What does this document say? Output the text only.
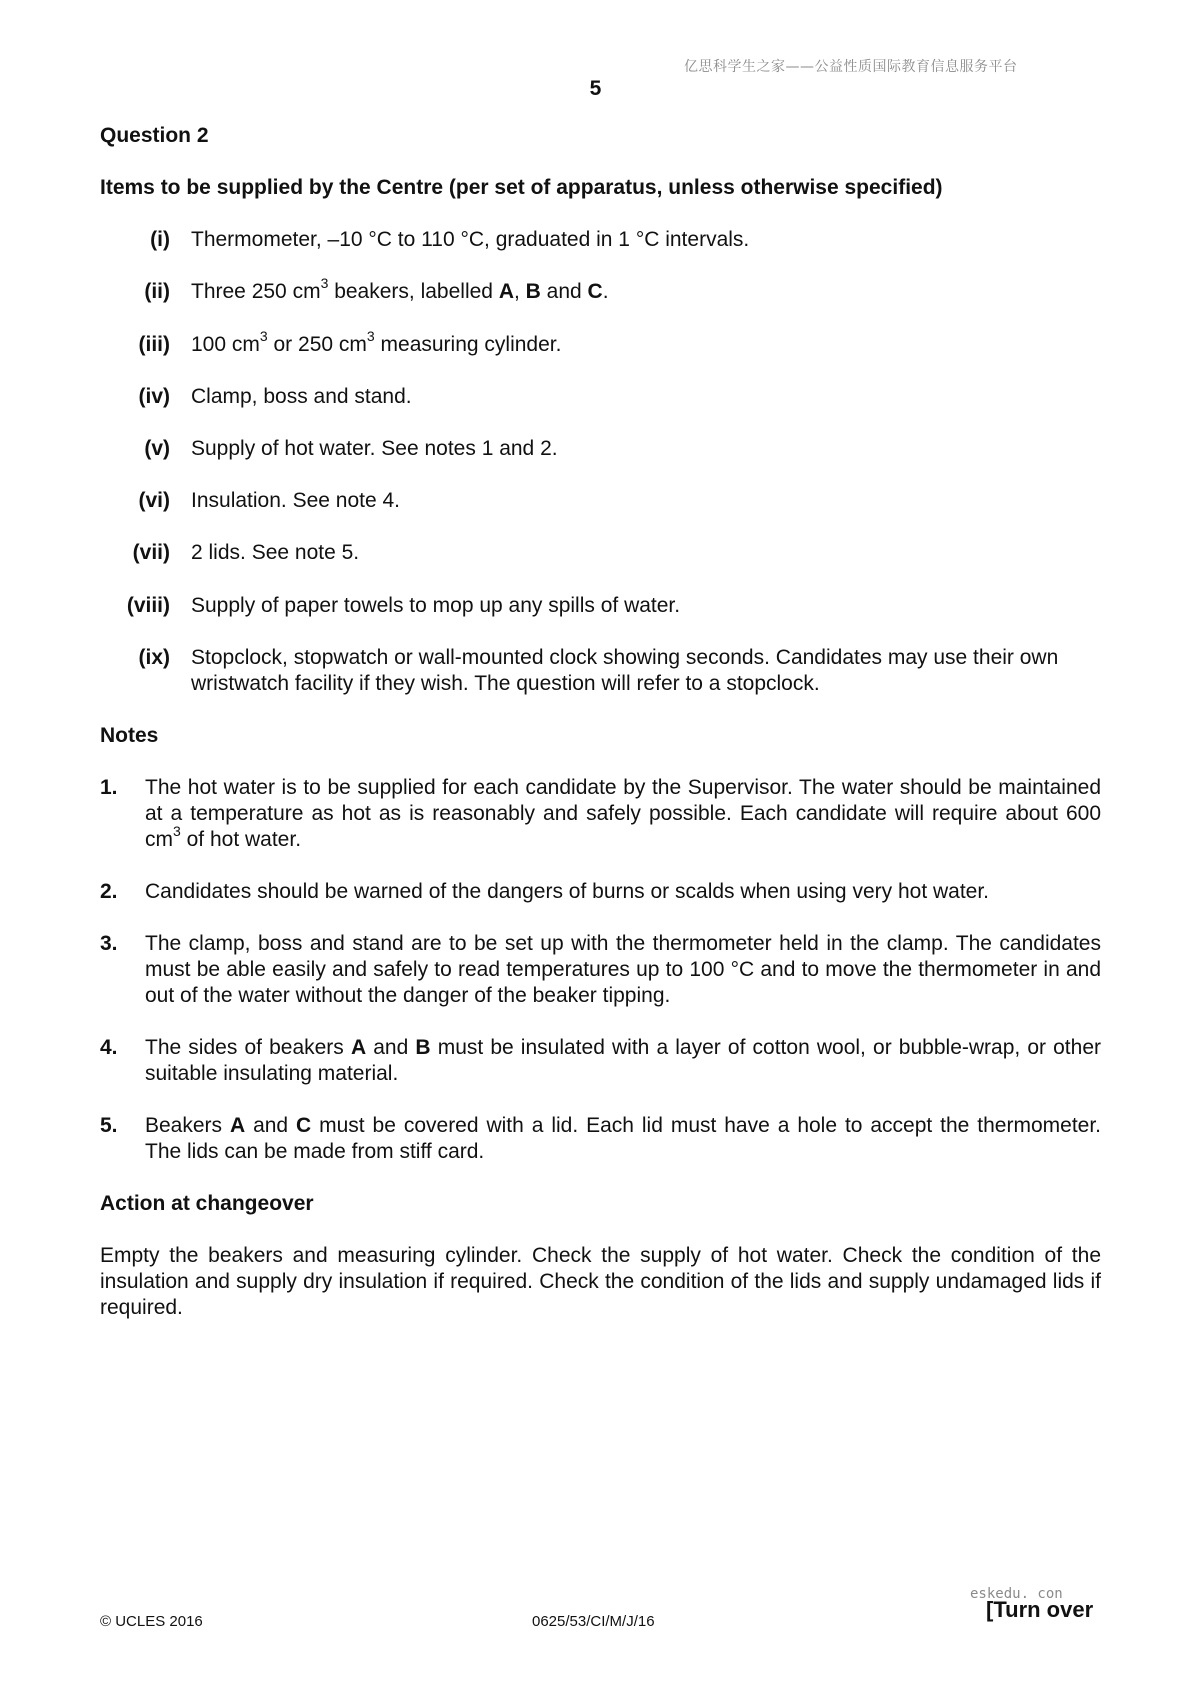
亿思科学生之家——公益性质国际教育信息服务平台
5
Question 2
Items to be supplied by the Centre (per set of apparatus, unless otherwise specified)
(i) Thermometer, –10 °C to 110 °C, graduated in 1 °C intervals.
(ii) Three 250 $cm^3$ beakers, labelled A, B and C.
(iii) 100 $cm^3$ or 250 $cm^3$ measuring cylinder.
(iv) Clamp, boss and stand.
(v) Supply of hot water. See notes 1 and 2.
(vi) Insulation. See note 4.
(vii) 2 lids. See note 5.
(viii) Supply of paper towels to mop up any spills of water.
(ix) Stopclock, stopwatch or wall-mounted clock showing seconds. Candidates may use their own wristwatch facility if they wish. The question will refer to a stopclock.
Notes
1. The hot water is to be supplied for each candidate by the Supervisor. The water should be maintained at a temperature as hot as is reasonably and safely possible. Each candidate will require about 600 $cm^3$ of hot water.
2. Candidates should be warned of the dangers of burns or scalds when using very hot water.
3. The clamp, boss and stand are to be set up with the thermometer held in the clamp. The candidates must be able easily and safely to read temperatures up to 100 °C and to move the thermometer in and out of the water without the danger of the beaker tipping.
4. The sides of beakers A and B must be insulated with a layer of cotton wool, or bubble-wrap, or other suitable insulating material.
5. Beakers A and C must be covered with a lid. Each lid must have a hole to accept the thermometer. The lids can be made from stiff card.
Action at changeover
Empty the beakers and measuring cylinder. Check the supply of hot water. Check the condition of the insulation and supply dry insulation if required. Check the condition of the lids and supply undamaged lids if required.
© UCLES 2016	0625/53/CI/M/J/16
eskedu. con
[Turn over
